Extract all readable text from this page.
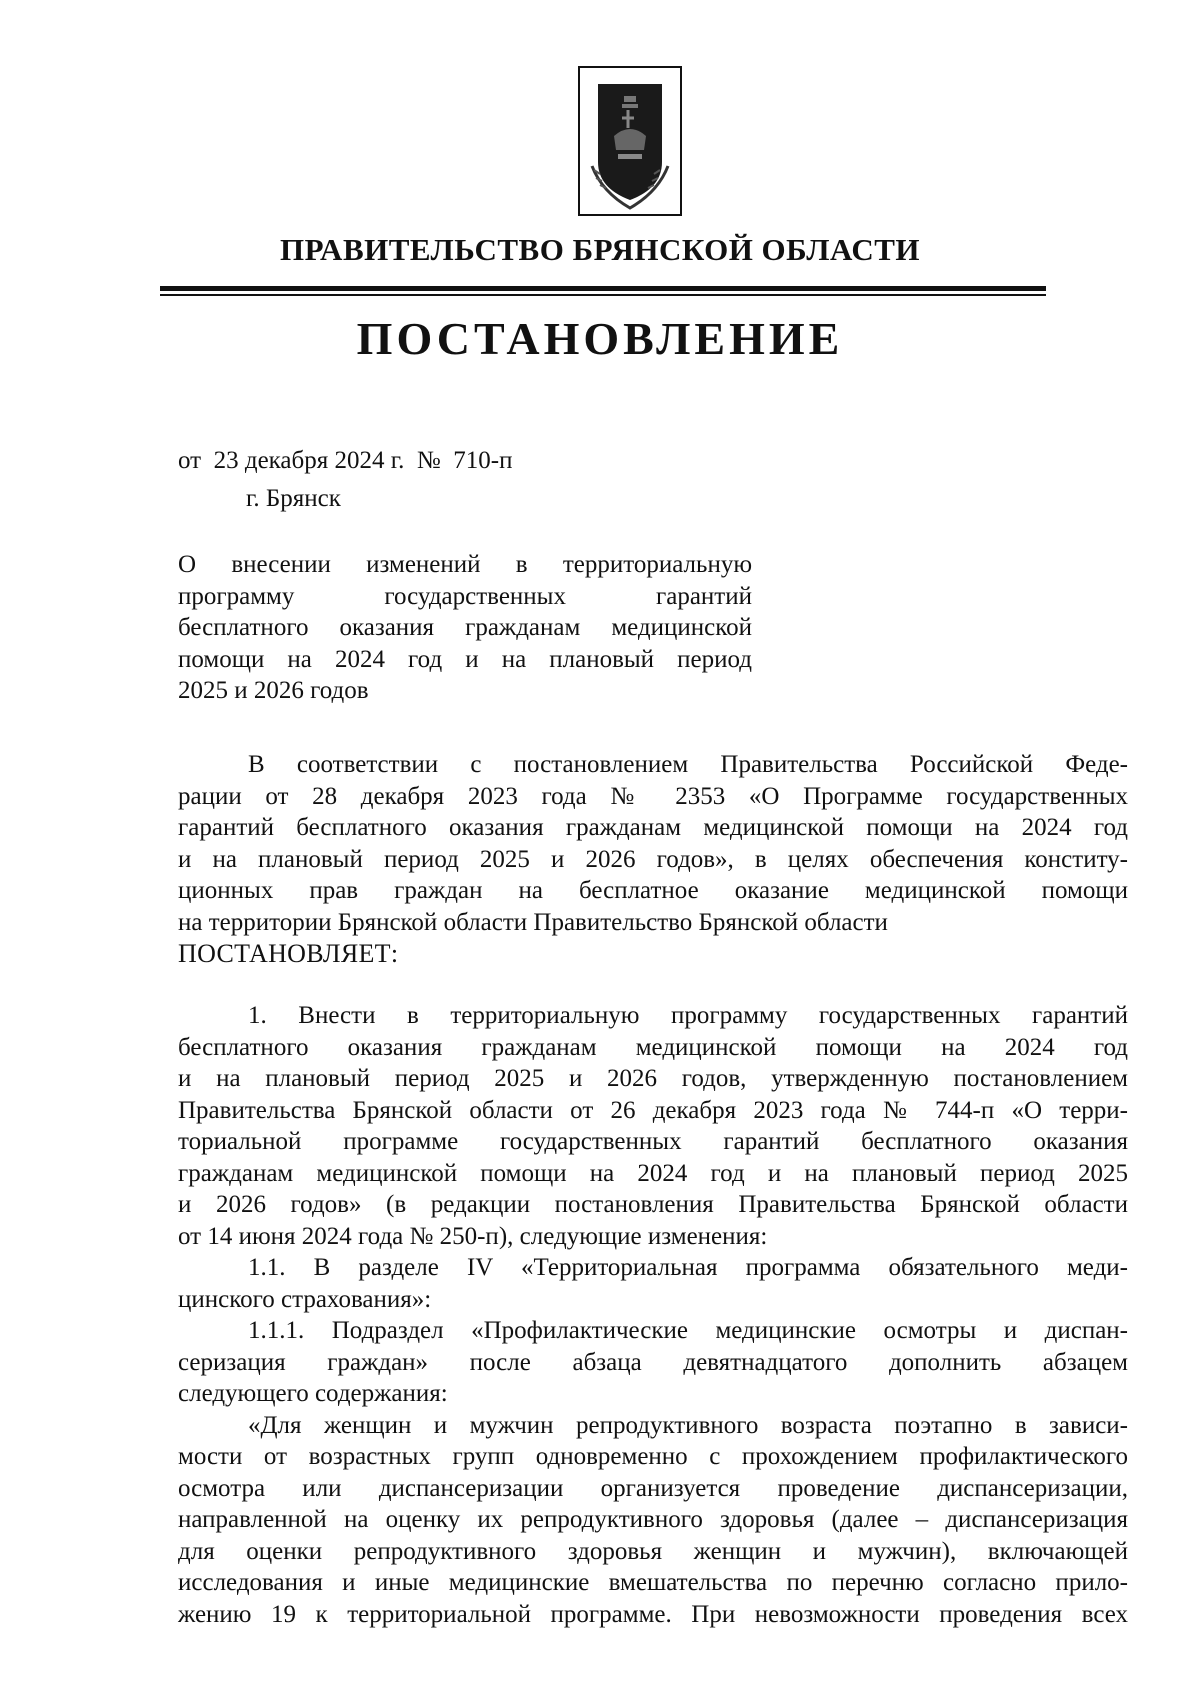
ПРАВИТЕЛЬСТВО БРЯНСКОЙ ОБЛАСТИ
ПОСТАНОВЛЕНИЕ
от  23 декабря 2024 г.  №  710-п
г. Брянск
О внесении изменений в территориальную
программу государственных гарантий
бесплатного оказания гражданам медицинской
помощи на 2024 год и на плановый период
2025 и 2026 годов
В соответствии с постановлением Правительства Российской Феде-
рации от 28 декабря 2023 года № 2353 «О Программе государственных
гарантий бесплатного оказания гражданам медицинской помощи на 2024 год
и на плановый период 2025 и 2026 годов», в целях обеспечения конститу-
ционных прав граждан на бесплатное оказание медицинской помощи
на территории Брянской области Правительство Брянской области
ПОСТАНОВЛЯЕТ:
1. Внести в территориальную программу государственных гарантий
бесплатного оказания гражданам медицинской помощи на 2024 год
и на плановый период 2025 и 2026 годов, утвержденную постановлением
Правительства Брянской области от 26 декабря 2023 года № 744-п «О терри-
ториальной программе государственных гарантий бесплатного оказания
гражданам медицинской помощи на 2024 год и на плановый период 2025
и 2026 годов» (в редакции постановления Правительства Брянской области
от 14 июня 2024 года № 250-п), следующие изменения:
1.1. В разделе IV «Территориальная программа обязательного меди-
цинского страхования»:
1.1.1. Подраздел «Профилактические медицинские осмотры и диспан-
серизация граждан» после абзаца девятнадцатого дополнить абзацем
следующего содержания:
«Для женщин и мужчин репродуктивного возраста поэтапно в зависи-
мости от возрастных групп одновременно с прохождением профилактического
осмотра или диспансеризации организуется проведение диспансеризации,
направленной на оценку их репродуктивного здоровья (далее – диспансеризация
для оценки репродуктивного здоровья женщин и мужчин), включающей
исследования и иные медицинские вмешательства по перечню согласно прило-
жению 19 к территориальной программе. При невозможности проведения всех
